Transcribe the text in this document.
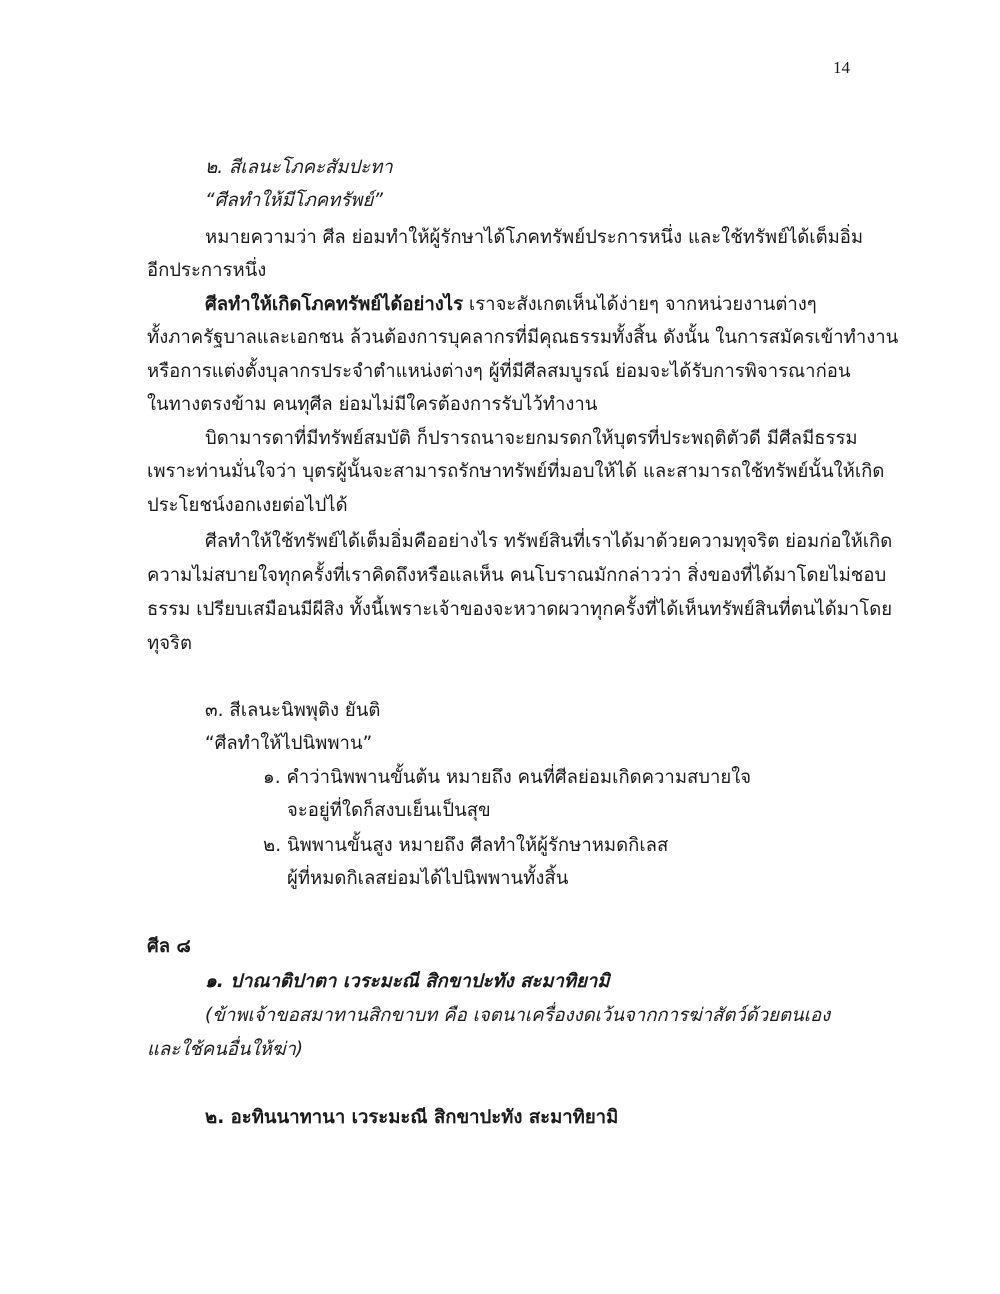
14
๒. สีเลนะโภคะสัมปะทา
“ศีลทำให้มีโภคทรัพย์”
หมายความว่า ศีล ย่อมทำให้ผู้รักษาได้โภคทรัพย์ประการหนึ่ง และใช้ทรัพย์ได้เต็มอิ่ม
อีกประการหนึ่ง
ศีลทำให้เกิดโภคทรัพย์ได้อย่างไร เราจะสังเกตเห็นได้ง่ายๆ จากหน่วยงานต่างๆ
ทั้งภาครัฐบาลและเอกชน ล้วนต้องการบุคลากรที่มีคุณธรรมทั้งสิ้น ดังนั้น ในการสมัครเข้าทำงาน
หรือการแต่งตั้งบุลากรประจำตำแหน่งต่างๆ ผู้ที่มีศีลสมบูรณ์ ย่อมจะได้รับการพิจารณาก่อน
ในทางตรงข้าม คนทุศีล ย่อมไม่มีใครต้องการรับไว้ทำงาน
บิดามารดาที่มีทรัพย์สมบัติ ก็ปรารถนาจะยกมรดกให้บุตรที่ประพฤติตัวดี มีศีลมีธรรม
เพราะท่านมั่นใจว่า บุตรผู้นั้นจะสามารถรักษาทรัพย์ที่มอบให้ได้ และสามารถใช้ทรัพย์นั้นให้เกิด
ประโยชน์งอกเงยต่อไปได้
ศีลทำให้ใช้ทรัพย์ได้เต็มอิ่มคืออย่างไร ทรัพย์สินที่เราได้มาด้วยความทุจริต ย่อมก่อให้เกิด
ความไม่สบายใจทุกครั้งที่เราคิดถึงหรือแลเห็น คนโบราณมักกล่าวว่า สิ่งของที่ได้มาโดยไม่ชอบ
ธรรม เปรียบเสมือนมีผีสิง ทั้งนี้เพราะเจ้าของจะหวาดผวาทุกครั้งที่ได้เห็นทรัพย์สินที่ตนได้มาโดย
ทุจริต
๓. สีเลนะนิพพุติง ยันติ
“ศีลทำให้ไปนิพพาน”
๑. คำว่านิพพานขั้นต้น หมายถึง คนที่ศีลย่อมเกิดความสบายใจ
จะอยู่ที่ใดก็สงบเย็นเป็นสุข
๒. นิพพานขั้นสูง หมายถึง ศีลทำให้ผู้รักษาหมดกิเลส
ผู้ที่หมดกิเลสย่อมได้ไปนิพพานทั้งสิ้น
ศีล ๘
๑. ปาณาติปาตา เวระมะณี สิกขาปะทัง สะมาทิยามิ
(ข้าพเจ้าขอสมาทานสิกขาบท คือ เจตนาเครื่องงดเว้นจากการฆ่าสัตว์ด้วยตนเอง
และใช้คนอื่นให้ฆ่า)
๒. อะทินนาทานา เวระมะณี สิกขาปะทัง สะมาทิยามิ
